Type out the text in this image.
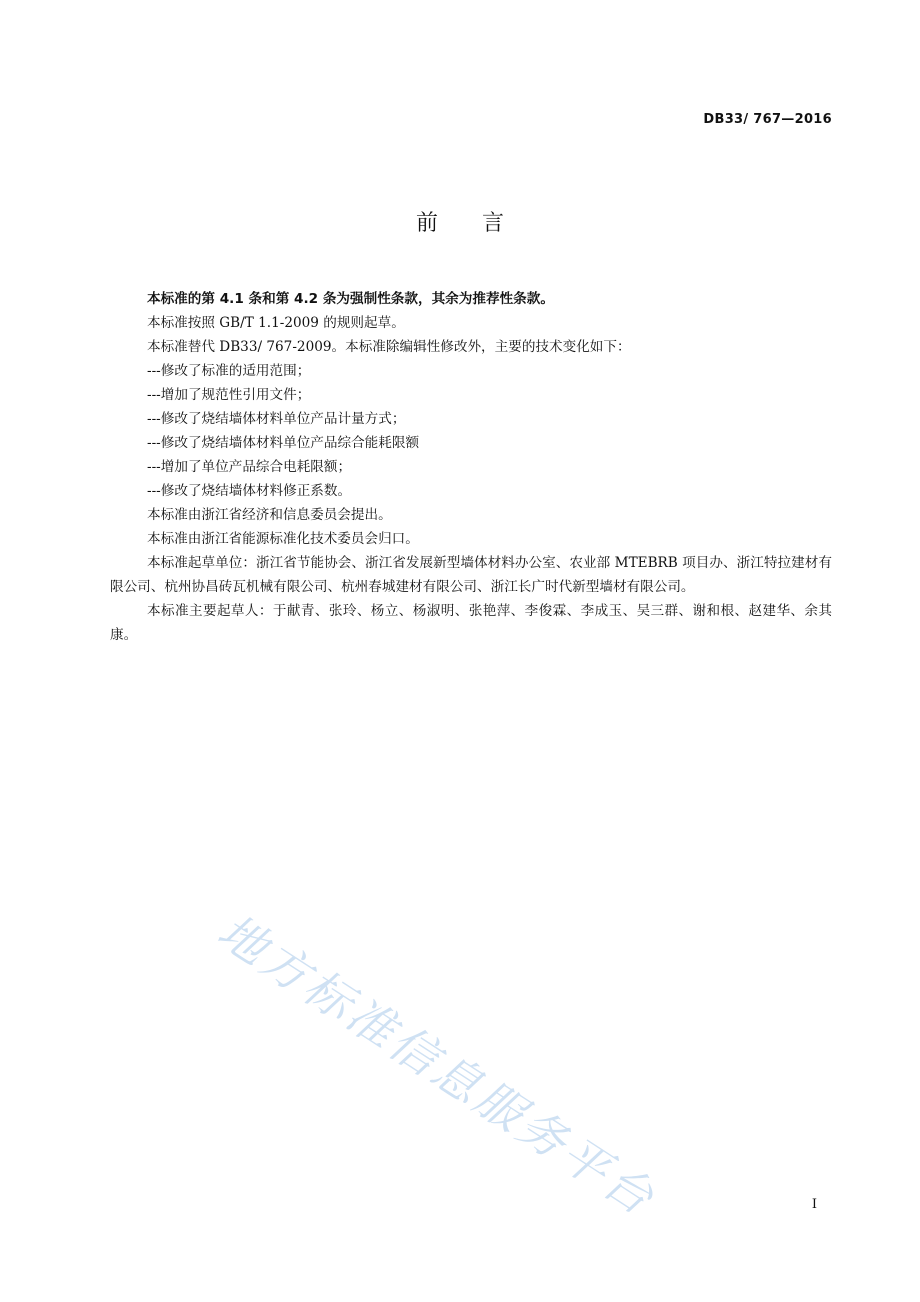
DB33/ 767—2016
前言

本标准的第 4.1 条和第 4.2 条为强制性条款，其余为推荐性条款。

本标准按照 GB/T 1.1-2009 的规则起草。

本标准替代 DB33/ 767-2009。本标准除编辑性修改外，主要的技术变化如下：

---修改了标准的适用范围；

---增加了规范性引用文件；

---修改了烧结墙体材料单位产品计量方式；

---修改了烧结墙体材料单位产品综合能耗限额

---增加了单位产品综合电耗限额；

---修改了烧结墙体材料修正系数。

本标准由浙江省经济和信息委员会提出。

本标准由浙江省能源标准化技术委员会归口。

本标准起草单位：浙江省节能协会、浙江省发展新型墙体材料办公室、农业部 MTEBRB 项目办、浙江特拉建材有限公司、杭州协昌砖瓦机械有限公司、杭州春城建材有限公司、浙江长广时代新型墙材有限公司。

本标准主要起草人：于献青、张玲、杨立、杨淑明、张艳萍、李俊霖、李成玉、吴三群、谢和根、赵建华、余其康。

地方标准信息服务平台	I
